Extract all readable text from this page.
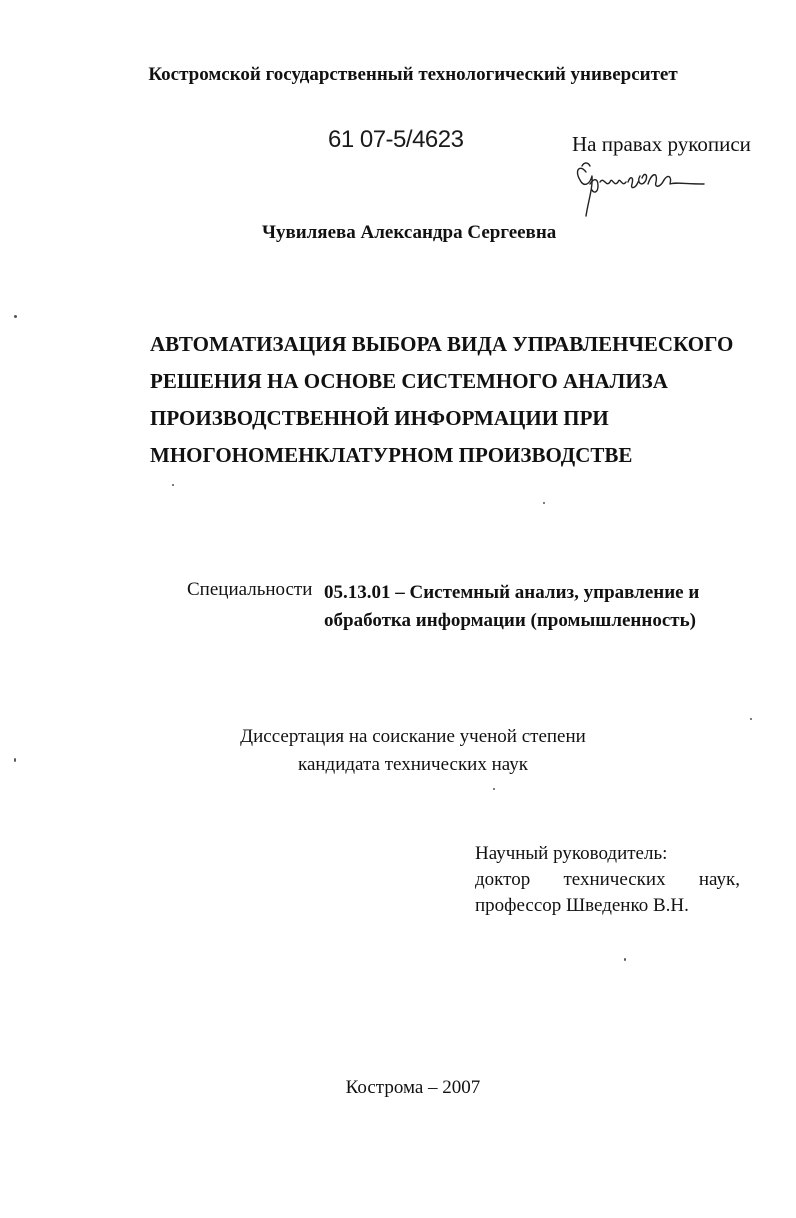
Костромской государственный технологический университет
61 07-5/4623	На правах рукописи
Чувиляева Александра Сергеевна
АВТОМАТИЗАЦИЯ ВЫБОРА ВИДА УПРАВЛЕНЧЕСКОГО
РЕШЕНИЯ НА ОСНОВЕ СИСТЕМНОГО АНАЛИЗА
ПРОИЗВОДСТВЕННОЙ ИНФОРМАЦИИ ПРИ
МНОГОНОМЕНКЛАТУРНОМ ПРОИЗВОДСТВЕ
Специальности 05.13.01 – Системный анализ, управление и
обработка информации (промышленность)
Диссертация на соискание ученой степени
кандидата технических наук
Научный руководитель:
доктор технических наук,
профессор Шведенко В.Н.
Кострома – 2007
